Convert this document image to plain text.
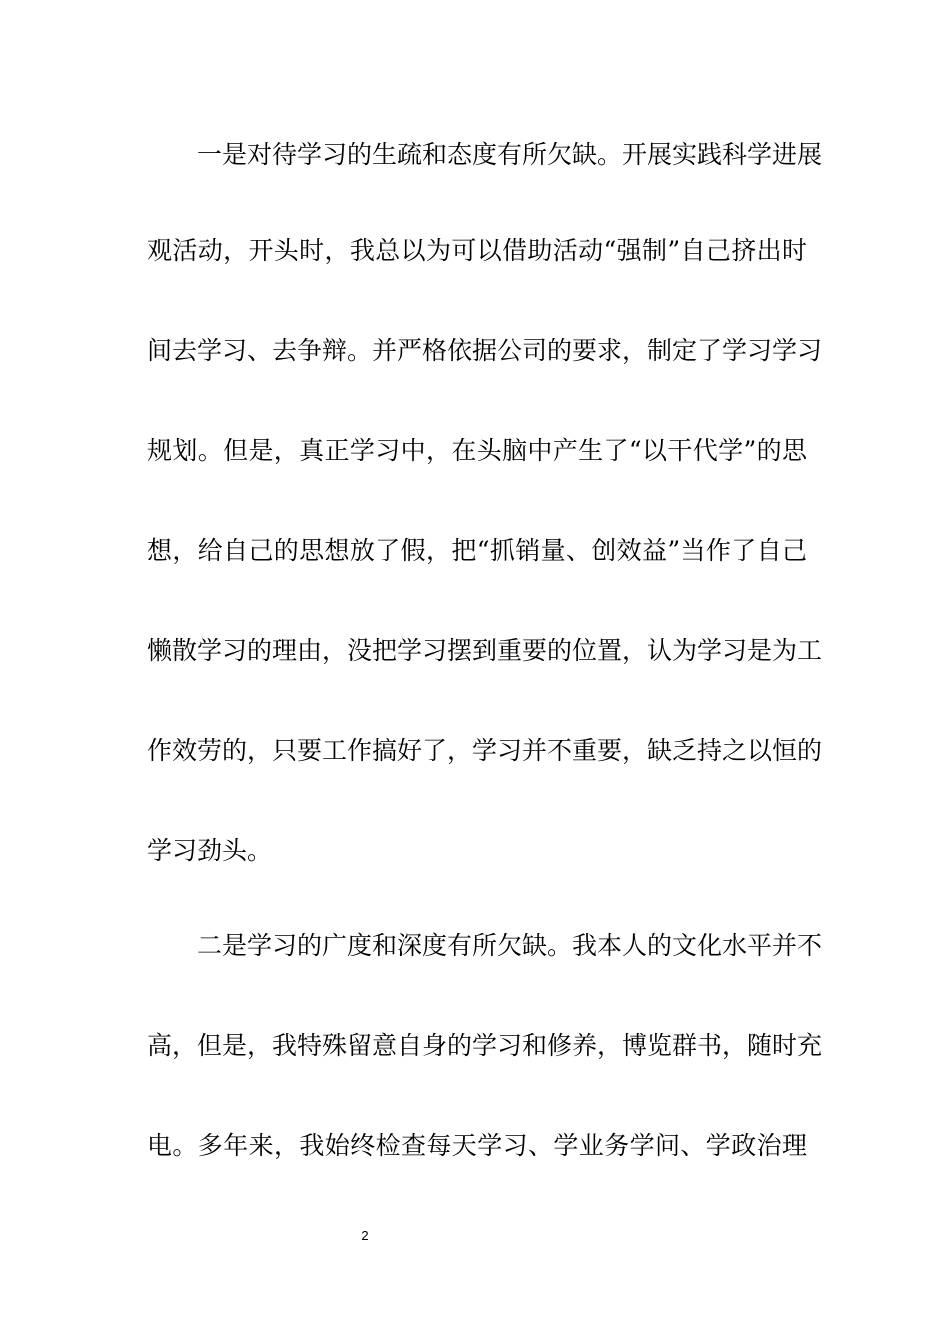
一是对待学习的生疏和态度有所欠缺。开展实践科学进展
观活动，开头时，我总以为可以借助活动“强制”自己挤出时
间去学习、去争辩。并严格依据公司的要求，制定了学习学习
规划。但是，真正学习中，在头脑中产生了“以干代学”的思
想，给自己的思想放了假，把“抓销量、创效益”当作了自己
懒散学习的理由，没把学习摆到重要的位置，认为学习是为工
作效劳的，只要工作搞好了，学习并不重要，缺乏持之以恒的
学习劲头。
二是学习的广度和深度有所欠缺。我本人的文化水平并不
高，但是，我特殊留意自身的学习和修养，博览群书，随时充
电。多年来，我始终检查每天学习、学业务学问、学政治理
2
